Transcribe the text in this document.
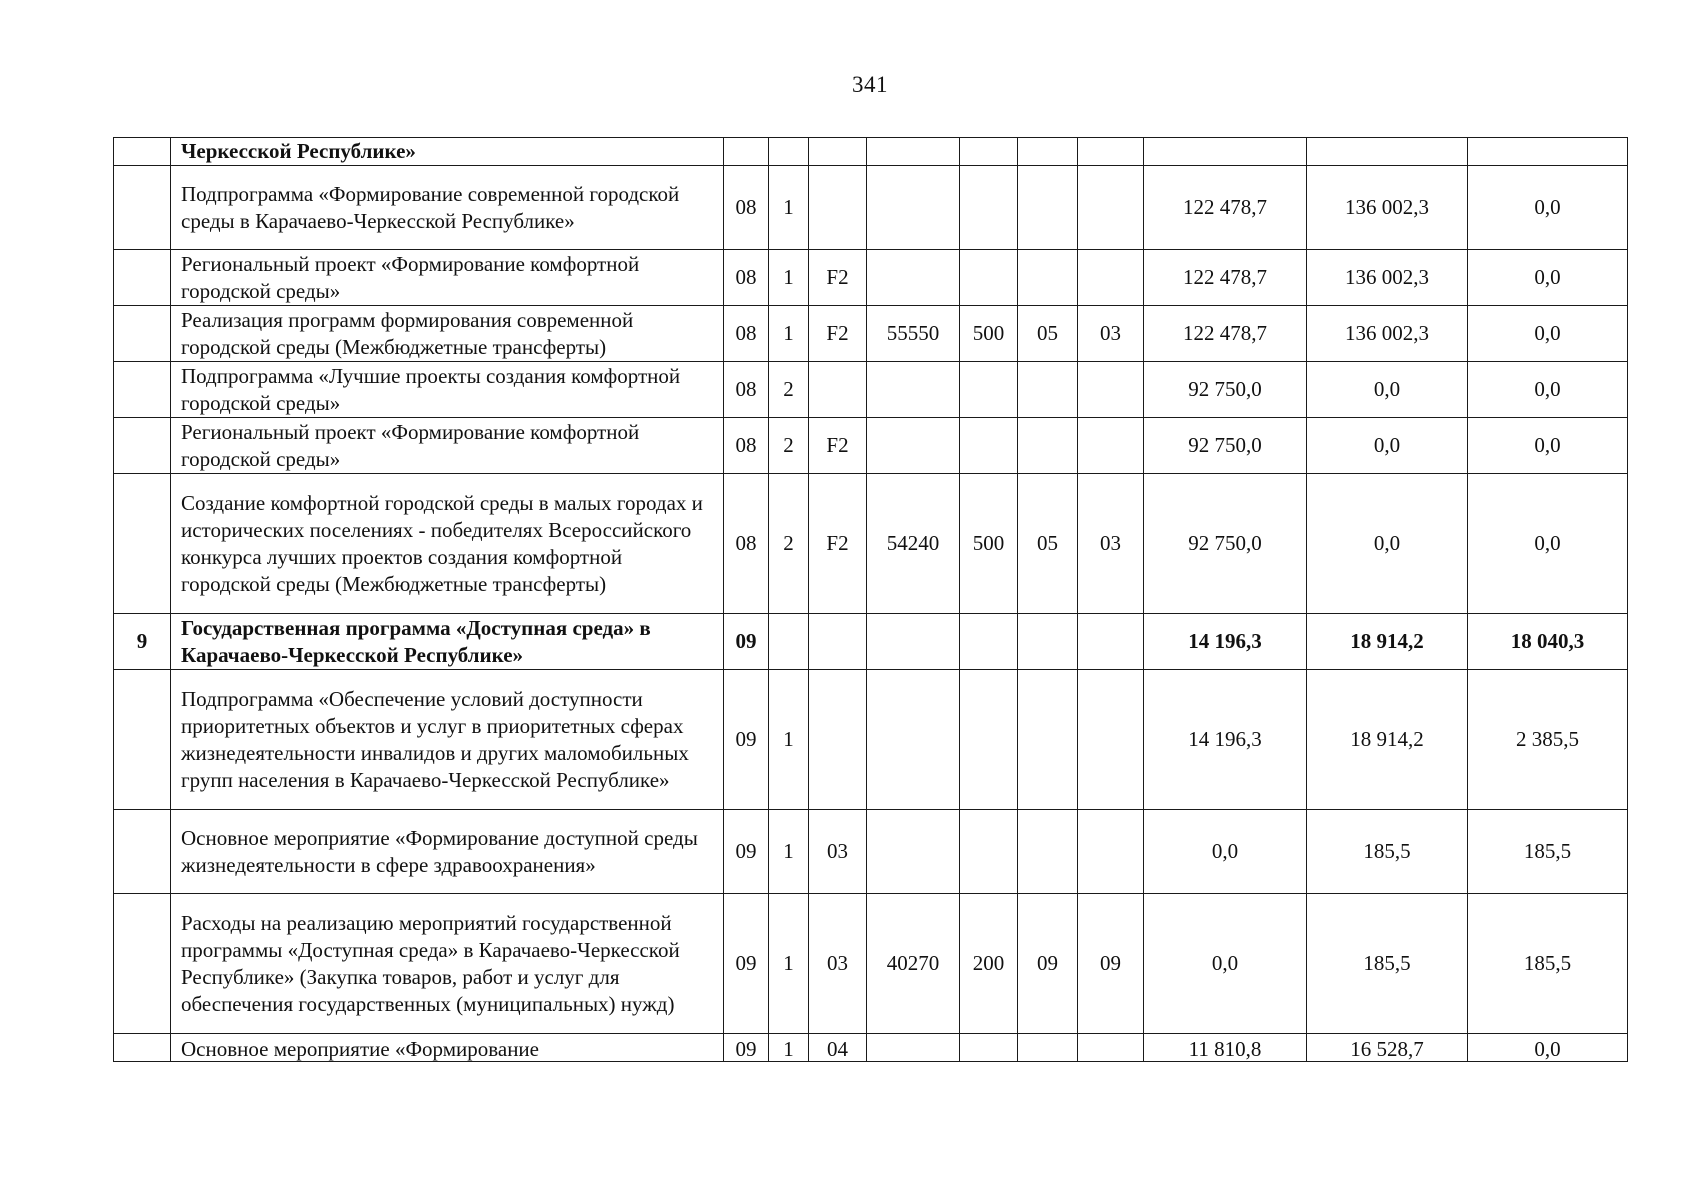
341
	Черкесской Республике»										
	Подпрограмма «Формирование современной городской среды в Карачаево-Черкесской Республике»	08	1						122 478,7	136 002,3	0,0
	Региональный проект «Формирование комфортной городской среды»	08	1	F2					122 478,7	136 002,3	0,0
	Реализация программ формирования современной городской среды (Межбюджетные трансферты)	08	1	F2	55550	500	05	03	122 478,7	136 002,3	0,0
	Подпрограмма «Лучшие проекты создания комфортной городской среды»	08	2						92 750,0	0,0	0,0
	Региональный проект «Формирование комфортной городской среды»	08	2	F2					92 750,0	0,0	0,0
	Создание комфортной городской среды в малых городах и исторических поселениях - победителях Всероссийского конкурса лучших проектов создания комфортной городской среды (Межбюджетные трансферты)	08	2	F2	54240	500	05	03	92 750,0	0,0	0,0
9	Государственная программа «Доступная среда» в Карачаево-Черкесской Республике»	09							14 196,3	18 914,2	18 040,3
	Подпрограмма «Обеспечение условий доступности приоритетных объектов и услуг в приоритетных сферах жизнедеятельности инвалидов и других маломобильных групп населения в Карачаево-Черкесской Республике»	09	1						14 196,3	18 914,2	2 385,5
	Основное мероприятие «Формирование доступной среды жизнедеятельности в сфере здравоохранения»	09	1	03					0,0	185,5	185,5
	Расходы на реализацию мероприятий государственной программы «Доступная среда» в Карачаево-Черкесской Республике» (Закупка товаров, работ и услуг для обеспечения государственных (муниципальных) нужд)	09	1	03	40270	200	09	09	0,0	185,5	185,5
	Основное мероприятие «Формирование	09	1	04					11 810,8	16 528,7	0,0
